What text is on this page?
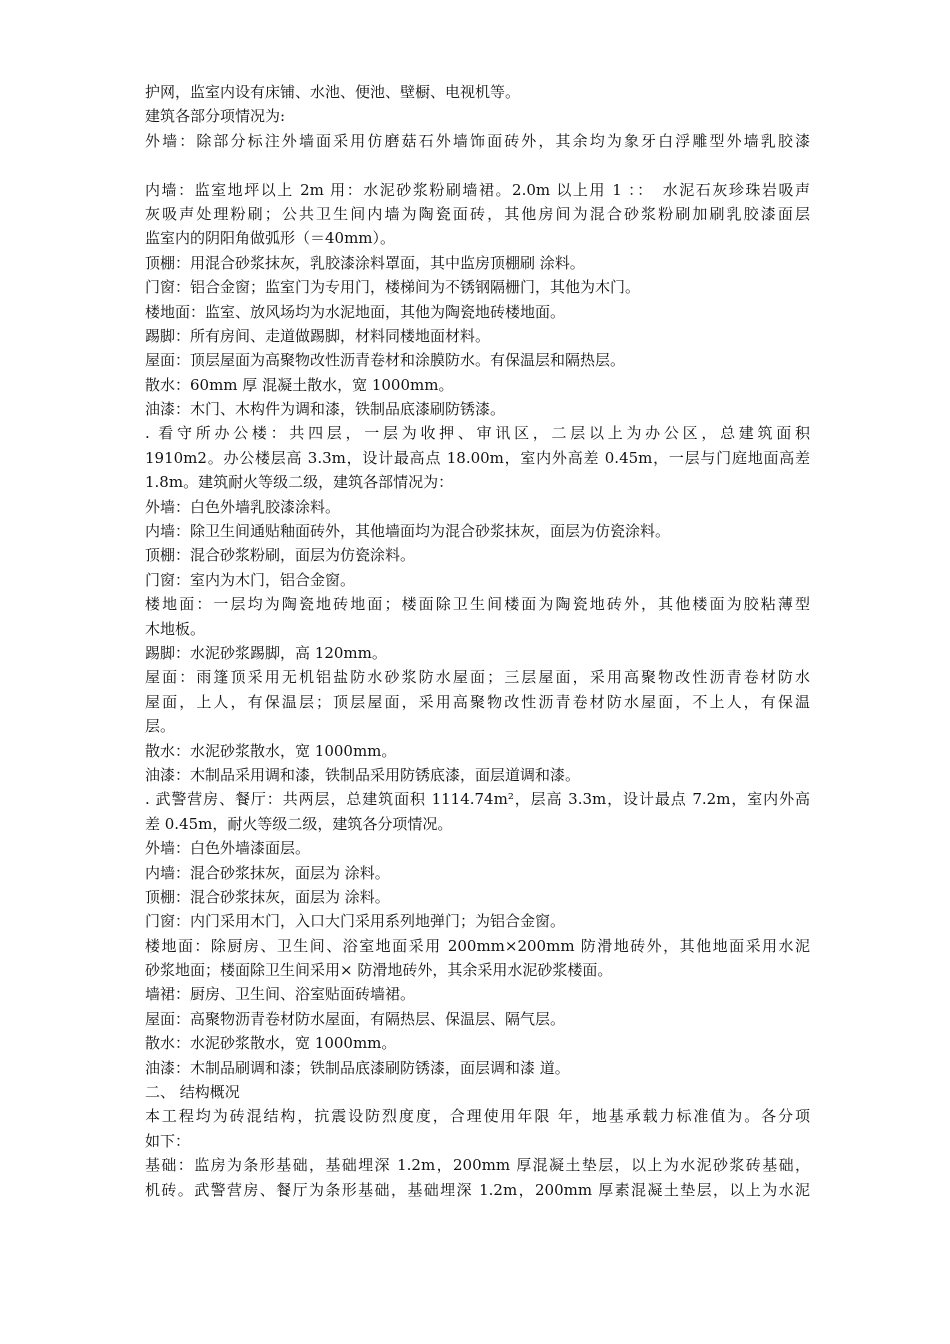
护网，监室内设有床铺、水池、便池、壁橱、电视机等。
建筑各部分项情况为:
外墙：除部分标注外墙面采用仿磨菇石外墙饰面砖外，其余均为象牙白浮雕型外墙乳胶漆
内墙：监室地坪以上 2m 用：水泥砂浆粉刷墙裙。2.0m 以上用 1 ：：　水泥石灰珍珠岩吸声
灰吸声处理粉刷；公共卫生间内墙为陶瓷面砖，其他房间为混合砂浆粉刷加刷乳胶漆面层
监室内的阴阳角做弧形（＝40mm）。
顶棚：用混合砂浆抹灰，乳胶漆涂料罩面，其中监房顶棚刷 涂料。
门窗：铝合金窗；监室门为专用门，楼梯间为不锈钢隔栅门，其他为木门。
楼地面：监室、放风场均为水泥地面，其他为陶瓷地砖楼地面。
踢脚：所有房间、走道做踢脚，材料同楼地面材料。
屋面：顶层屋面为高聚物改性沥青卷材和涂膜防水。有保温层和隔热层。
散水：60mm 厚 混凝土散水，宽 1000mm。
油漆：木门、木构件为调和漆，铁制品底漆刷防锈漆。
. 看守所办公楼：共四层，一层为收押、审讯区，二层以上为办公区，总建筑面积
1910m2。办公楼层高 3.3m，设计最高点 18.00m，室内外高差 0.45m，一层与门庭地面高差
1.8m。建筑耐火等级二级，建筑各部情况为：
外墙：白色外墙乳胶漆涂料。
内墙：除卫生间通贴釉面砖外，其他墙面均为混合砂浆抹灰，面层为仿瓷涂料。
顶棚：混合砂浆粉刷，面层为仿瓷涂料。
门窗：室内为木门，铝合金窗。
楼地面：一层均为陶瓷地砖地面；楼面除卫生间楼面为陶瓷地砖外，其他楼面为胶粘薄型
木地板。
踢脚：水泥砂浆踢脚，高 120mm。
屋面：雨篷顶采用无机铝盐防水砂浆防水屋面；三层屋面，采用高聚物改性沥青卷材防水
屋面，上人，有保温层；顶层屋面，采用高聚物改性沥青卷材防水屋面，不上人，有保温
层。
散水：水泥砂浆散水，宽 1000mm。
油漆：木制品采用调和漆，铁制品采用防锈底漆，面层道调和漆。
. 武警营房、餐厅：共两层，总建筑面积 1114.74m²，层高 3.3m，设计最点 7.2m，室内外高
差 0.45m，耐火等级二级，建筑各分项情况。
外墙：白色外墙漆面层。
内墙：混合砂浆抹灰，面层为 涂料。
顶棚：混合砂浆抹灰，面层为 涂料。
门窗：内门采用木门，入口大门采用系列地弹门；为铝合金窗。
楼地面：除厨房、卫生间、浴室地面采用 200mm×200mm 防滑地砖外，其他地面采用水泥
砂浆地面；楼面除卫生间采用× 防滑地砖外，其余采用水泥砂浆楼面。
墙裙：厨房、卫生间、浴室贴面砖墙裙。
屋面：高聚物沥青卷材防水屋面，有隔热层、保温层、隔气层。
散水：水泥砂浆散水，宽 1000mm。
油漆：木制品刷调和漆；铁制品底漆刷防锈漆，面层调和漆 道。
二、 结构概况
本工程均为砖混结构，抗震设防烈度度，合理使用年限 年，地基承载力标准值为。各分项
如下：
基础：监房为条形基础，基础埋深 1.2m，200mm 厚混凝土垫层，以上为水泥砂浆砖基础，
机砖。武警营房、餐厅为条形基础，基础埋深 1.2m，200mm 厚素混凝土垫层，以上为水泥
